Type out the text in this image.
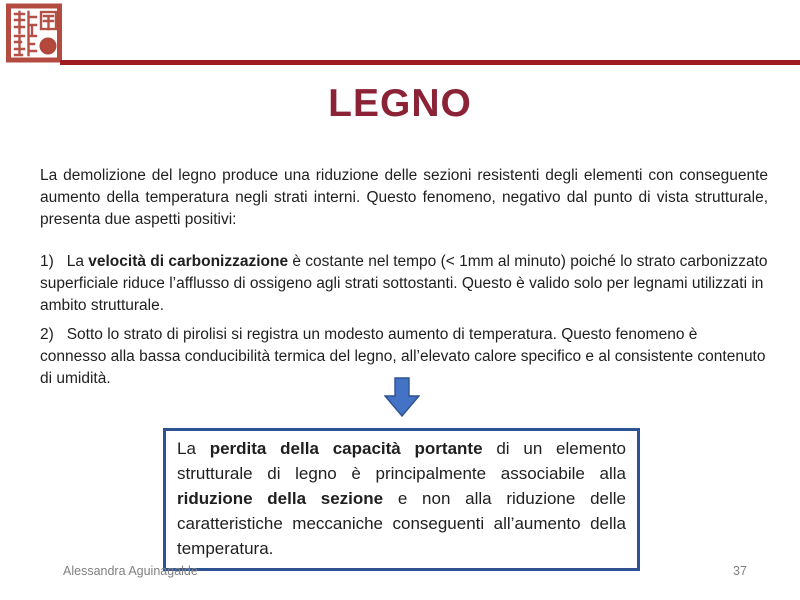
LEGNO

La demolizione del legno produce una riduzione delle sezioni resistenti degli elementi con conseguente aumento della temperatura negli strati interni. Questo fenomeno, negativo dal punto di vista strutturale, presenta due aspetti positivi:

1)   La velocità di carbonizzazione è costante nel tempo (< 1mm al minuto) poiché lo strato carbonizzato superficiale riduce l’afflusso di ossigeno agli strati sottostanti. Questo è valido solo per legnami utilizzati in ambito strutturale.

2)   Sotto lo strato di pirolisi si registra un modesto aumento di temperatura. Questo fenomeno è connesso alla bassa conducibilità termica del legno, all’elevato calore specifico e al consistente contenuto di umidità.

La perdita della capacità portante di un elemento strutturale di legno è principalmente associabile alla riduzione della sezione e non alla riduzione delle caratteristiche meccaniche conseguenti all’aumento della temperatura.

Alessandra Aguinagalde	37
